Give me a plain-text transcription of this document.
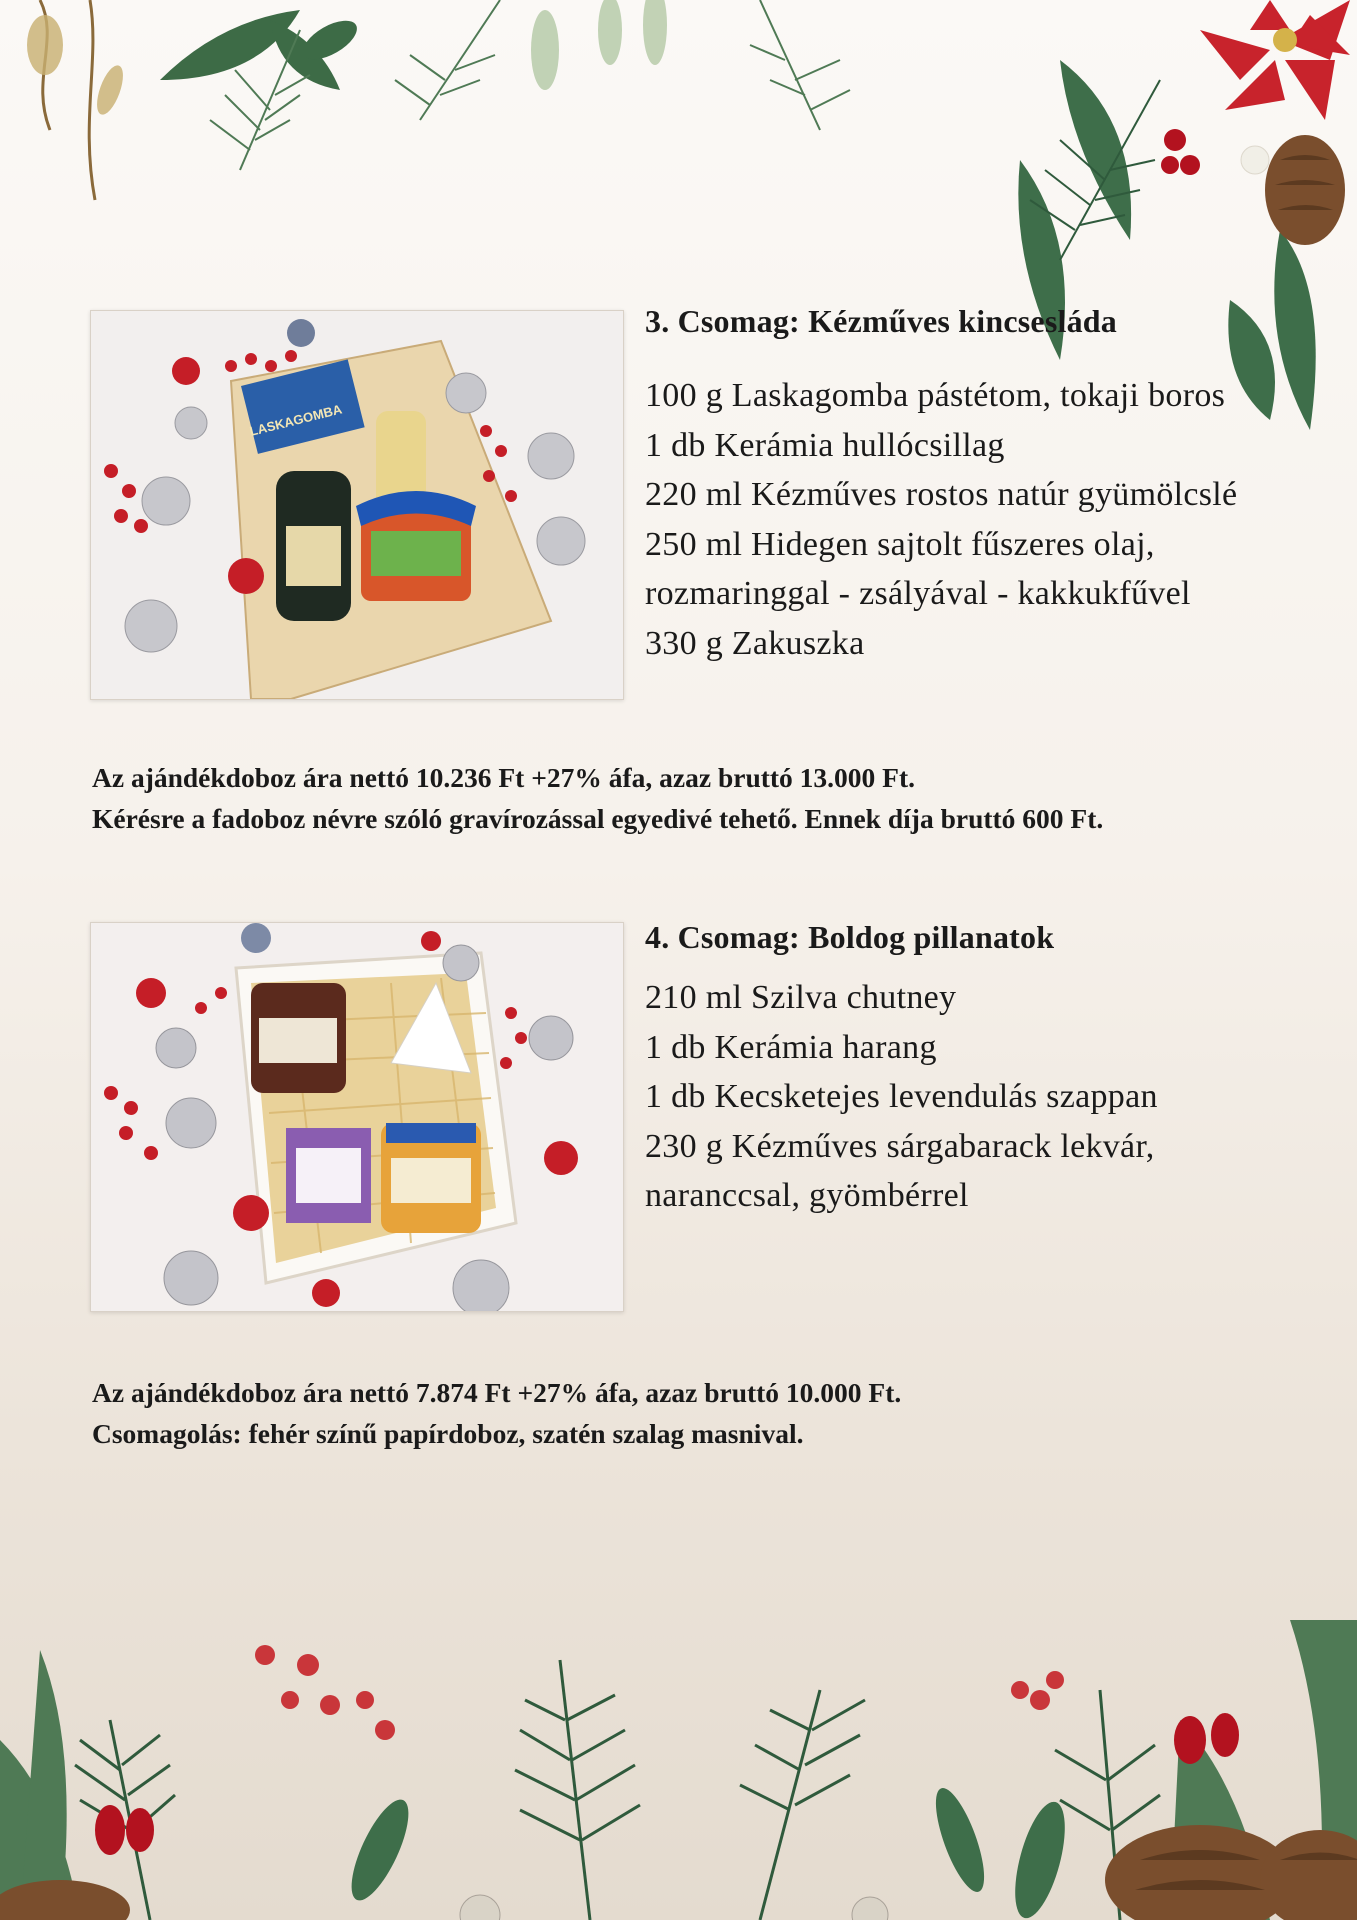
LASKAGOMBA
3. Csomag: Kézműves kincsesláda
100 g Laskagomba pástétom, tokaji boros
1 db Kerámia hullócsillag
220 ml Kézműves rostos natúr gyümölcslé
250 ml Hidegen sajtolt fűszeres olaj,
rozmaringgal - zsályával - kakkukfűvel
330 g Zakuszka
Az ajándékdoboz ára nettó 10.236 Ft +27% áfa, azaz bruttó 13.000 Ft.
Kérésre a fadoboz névre szóló gravírozással egyedivé tehető. Ennek díja bruttó 600 Ft.
4. Csomag: Boldog pillanatok
210 ml Szilva chutney
1 db Kerámia harang
1 db Kecsketejes levendulás szappan
230 g Kézműves sárgabarack lekvár,
naranccsal, gyömbérrel
Az ajándékdoboz ára nettó 7.874 Ft +27% áfa, azaz bruttó 10.000 Ft.
Csomagolás: fehér színű papírdoboz, szatén szalag masnival.
